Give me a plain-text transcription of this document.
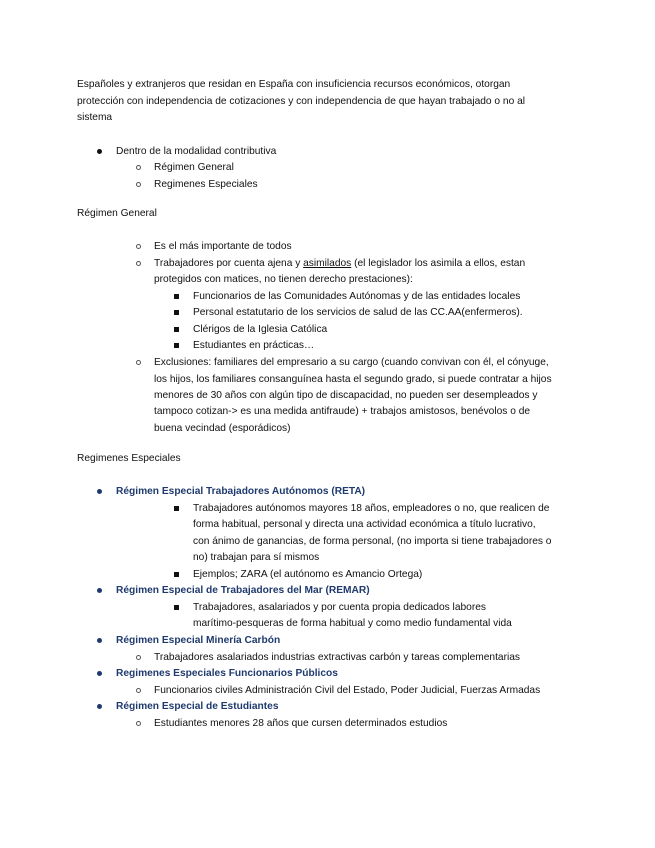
Españoles y extranjeros que residan en España con insuficiencia recursos económicos, otorgan
protección con independencia de cotizaciones y con independencia de que hayan trabajado o no al
sistema
Dentro de la modalidad contributiva
Régimen General
Regimenes Especiales
Régimen General
Es el más importante de todos
Trabajadores por cuenta ajena y asimilados (el legislador los asimila a ellos, estan
protegidos con matices, no tienen derecho prestaciones):
Funcionarios de las Comunidades Autónomas y de las entidades locales
Personal estatutario de los servicios de salud de las CC.AA(enfermeros).
Clérigos de la Iglesia Católica
Estudiantes en prácticas…
Exclusiones: familiares del empresario a su cargo (cuando convivan con él, el cónyuge,
los hijos, los familiares consanguínea hasta el segundo grado, si puede contratar a hijos
menores de 30 años con algún tipo de discapacidad, no pueden ser desempleados y
tampoco cotizan-> es una medida antifraude) + trabajos amistosos, benévolos o de
buena vecindad (esporádicos)
Regimenes Especiales
Régimen Especial Trabajadores Autónomos (RETA)
Trabajadores autónomos mayores 18 años, empleadores o no, que realicen de
forma habitual, personal y directa una actividad económica a título lucrativo,
con ánimo de ganancias, de forma personal, (no importa si tiene trabajadores o
no) trabajan para sí mismos
Ejemplos; ZARA (el autónomo es Amancio Ortega)
Régimen Especial de Trabajadores del Mar (REMAR)
Trabajadores, asalariados y por cuenta propia dedicados labores
marítimo-pesqueras de forma habitual y como medio fundamental vida
Régimen Especial Minería Carbón
Trabajadores asalariados industrias extractivas carbón y tareas complementarias
Regimenes Especiales Funcionarios Públicos
Funcionarios civiles Administración Civil del Estado, Poder Judicial, Fuerzas Armadas
Régimen Especial de Estudiantes
Estudiantes menores 28 años que cursen determinados estudios
